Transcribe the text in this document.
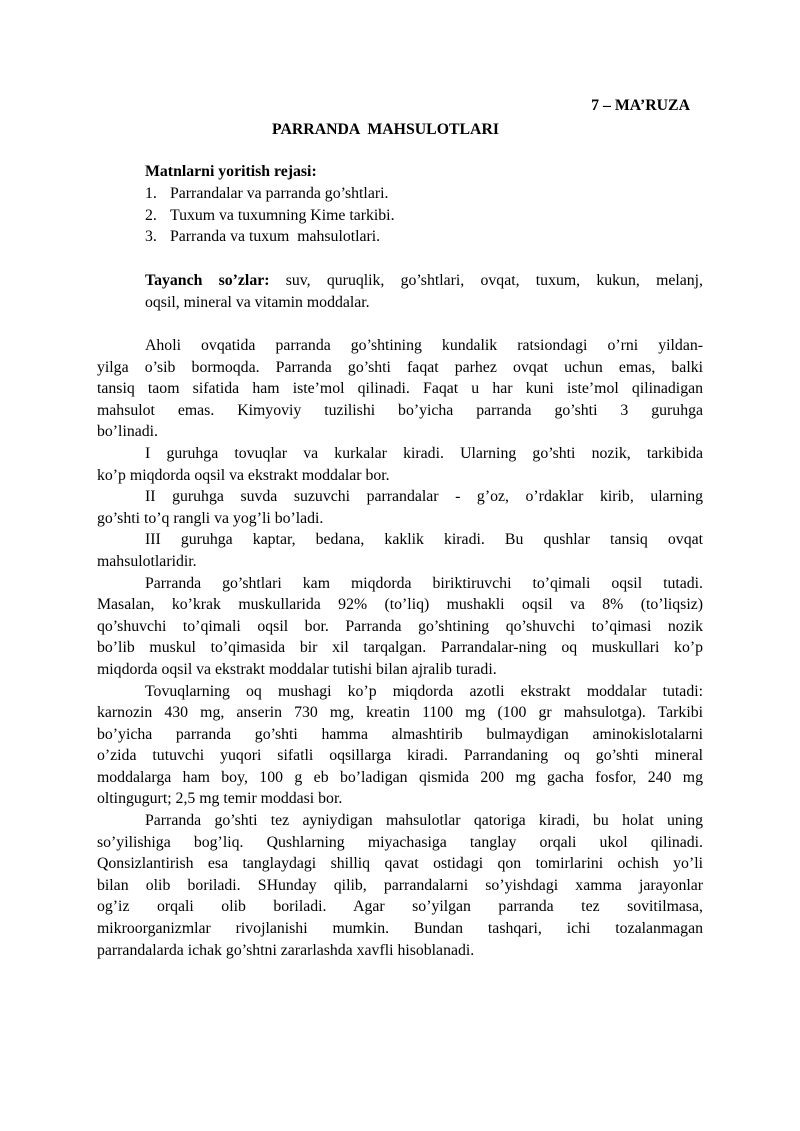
7 – MA’RUZA
PARRANDA  MAHSULOTLARI
Matnlarni yoritish rejasi:
1. Parrandalar va parranda go’shtlari.
2. Tuxum va tuxumning Kime tarkibi.
3. Parranda va tuxum  mahsulotlari.
Tayanch so’zlar: suv, quruqlik, go’shtlari, ovqat, tuxum, kukun, melanj,
oqsil, mineral va vitamin moddalar.
Aholi ovqatida parranda go’shtining kundalik ratsiondagi o’rni yildan-
yilga o’sib bormoqda. Parranda go’shti faqat parhez ovqat uchun emas, balki
tansiq taom sifatida ham iste’mol qilinadi. Faqat u har kuni iste’mol qilinadigan
mahsulot emas. Kimyoviy tuzilishi bo’yicha parranda go’shti 3 guruhga
bo’linadi.
I guruhga tovuqlar va kurkalar kiradi. Ularning go’shti nozik, tarkibida
ko’p miqdorda oqsil va ekstrakt moddalar bor.
II guruhga suvda suzuvchi parrandalar - g’oz, o’rdaklar kirib, ularning
go’shti to’q rangli va yog’li bo’ladi.
III guruhga kaptar, bedana, kaklik kiradi. Bu qushlar tansiq ovqat
mahsulotlaridir.
Parranda go’shtlari kam miqdorda biriktiruvchi to’qimali oqsil tutadi.
Masalan, ko’krak muskullarida 92% (to’liq) mushakli oqsil va 8% (to’liqsiz)
qo’shuvchi to’qimali oqsil bor. Parranda go’shtining qo’shuvchi to’qimasi nozik
bo’lib muskul to’qimasida bir xil tarqalgan. Parrandalar-ning oq muskullari ko’p
miqdorda oqsil va ekstrakt moddalar tutishi bilan ajralib turadi.
Tovuqlarning oq mushagi ko’p miqdorda azotli ekstrakt moddalar tutadi:
karnozin 430 mg, anserin 730 mg, kreatin 1100 mg (100 gr mahsulotga). Tarkibi
bo’yicha parranda go’shti hamma almashtirib bulmaydigan aminokislotalarni
o’zida tutuvchi yuqori sifatli oqsillarga kiradi. Parrandaning oq go’shti mineral
moddalarga ham boy, 100 g eb bo’ladigan qismida 200 mg gacha fosfor, 240 mg
oltingugurt; 2,5 mg temir moddasi bor.
Parranda go’shti tez ayniydigan mahsulotlar qatoriga kiradi, bu holat uning
so’yilishiga bog’liq. Qushlarning miyachasiga tanglay orqali ukol qilinadi.
Qonsizlantirish esa tanglaydagi shilliq qavat ostidagi qon tomirlarini ochish yo’li
bilan olib boriladi. SHunday qilib, parrandalarni so’yishdagi xamma jarayonlar
og’iz orqali olib boriladi. Agar so’yilgan parranda tez sovitilmasa,
mikroorganizmlar rivojlanishi mumkin. Bundan tashqari, ichi tozalanmagan
parrandalarda ichak go’shtni zararlashda xavfli hisoblanadi.
